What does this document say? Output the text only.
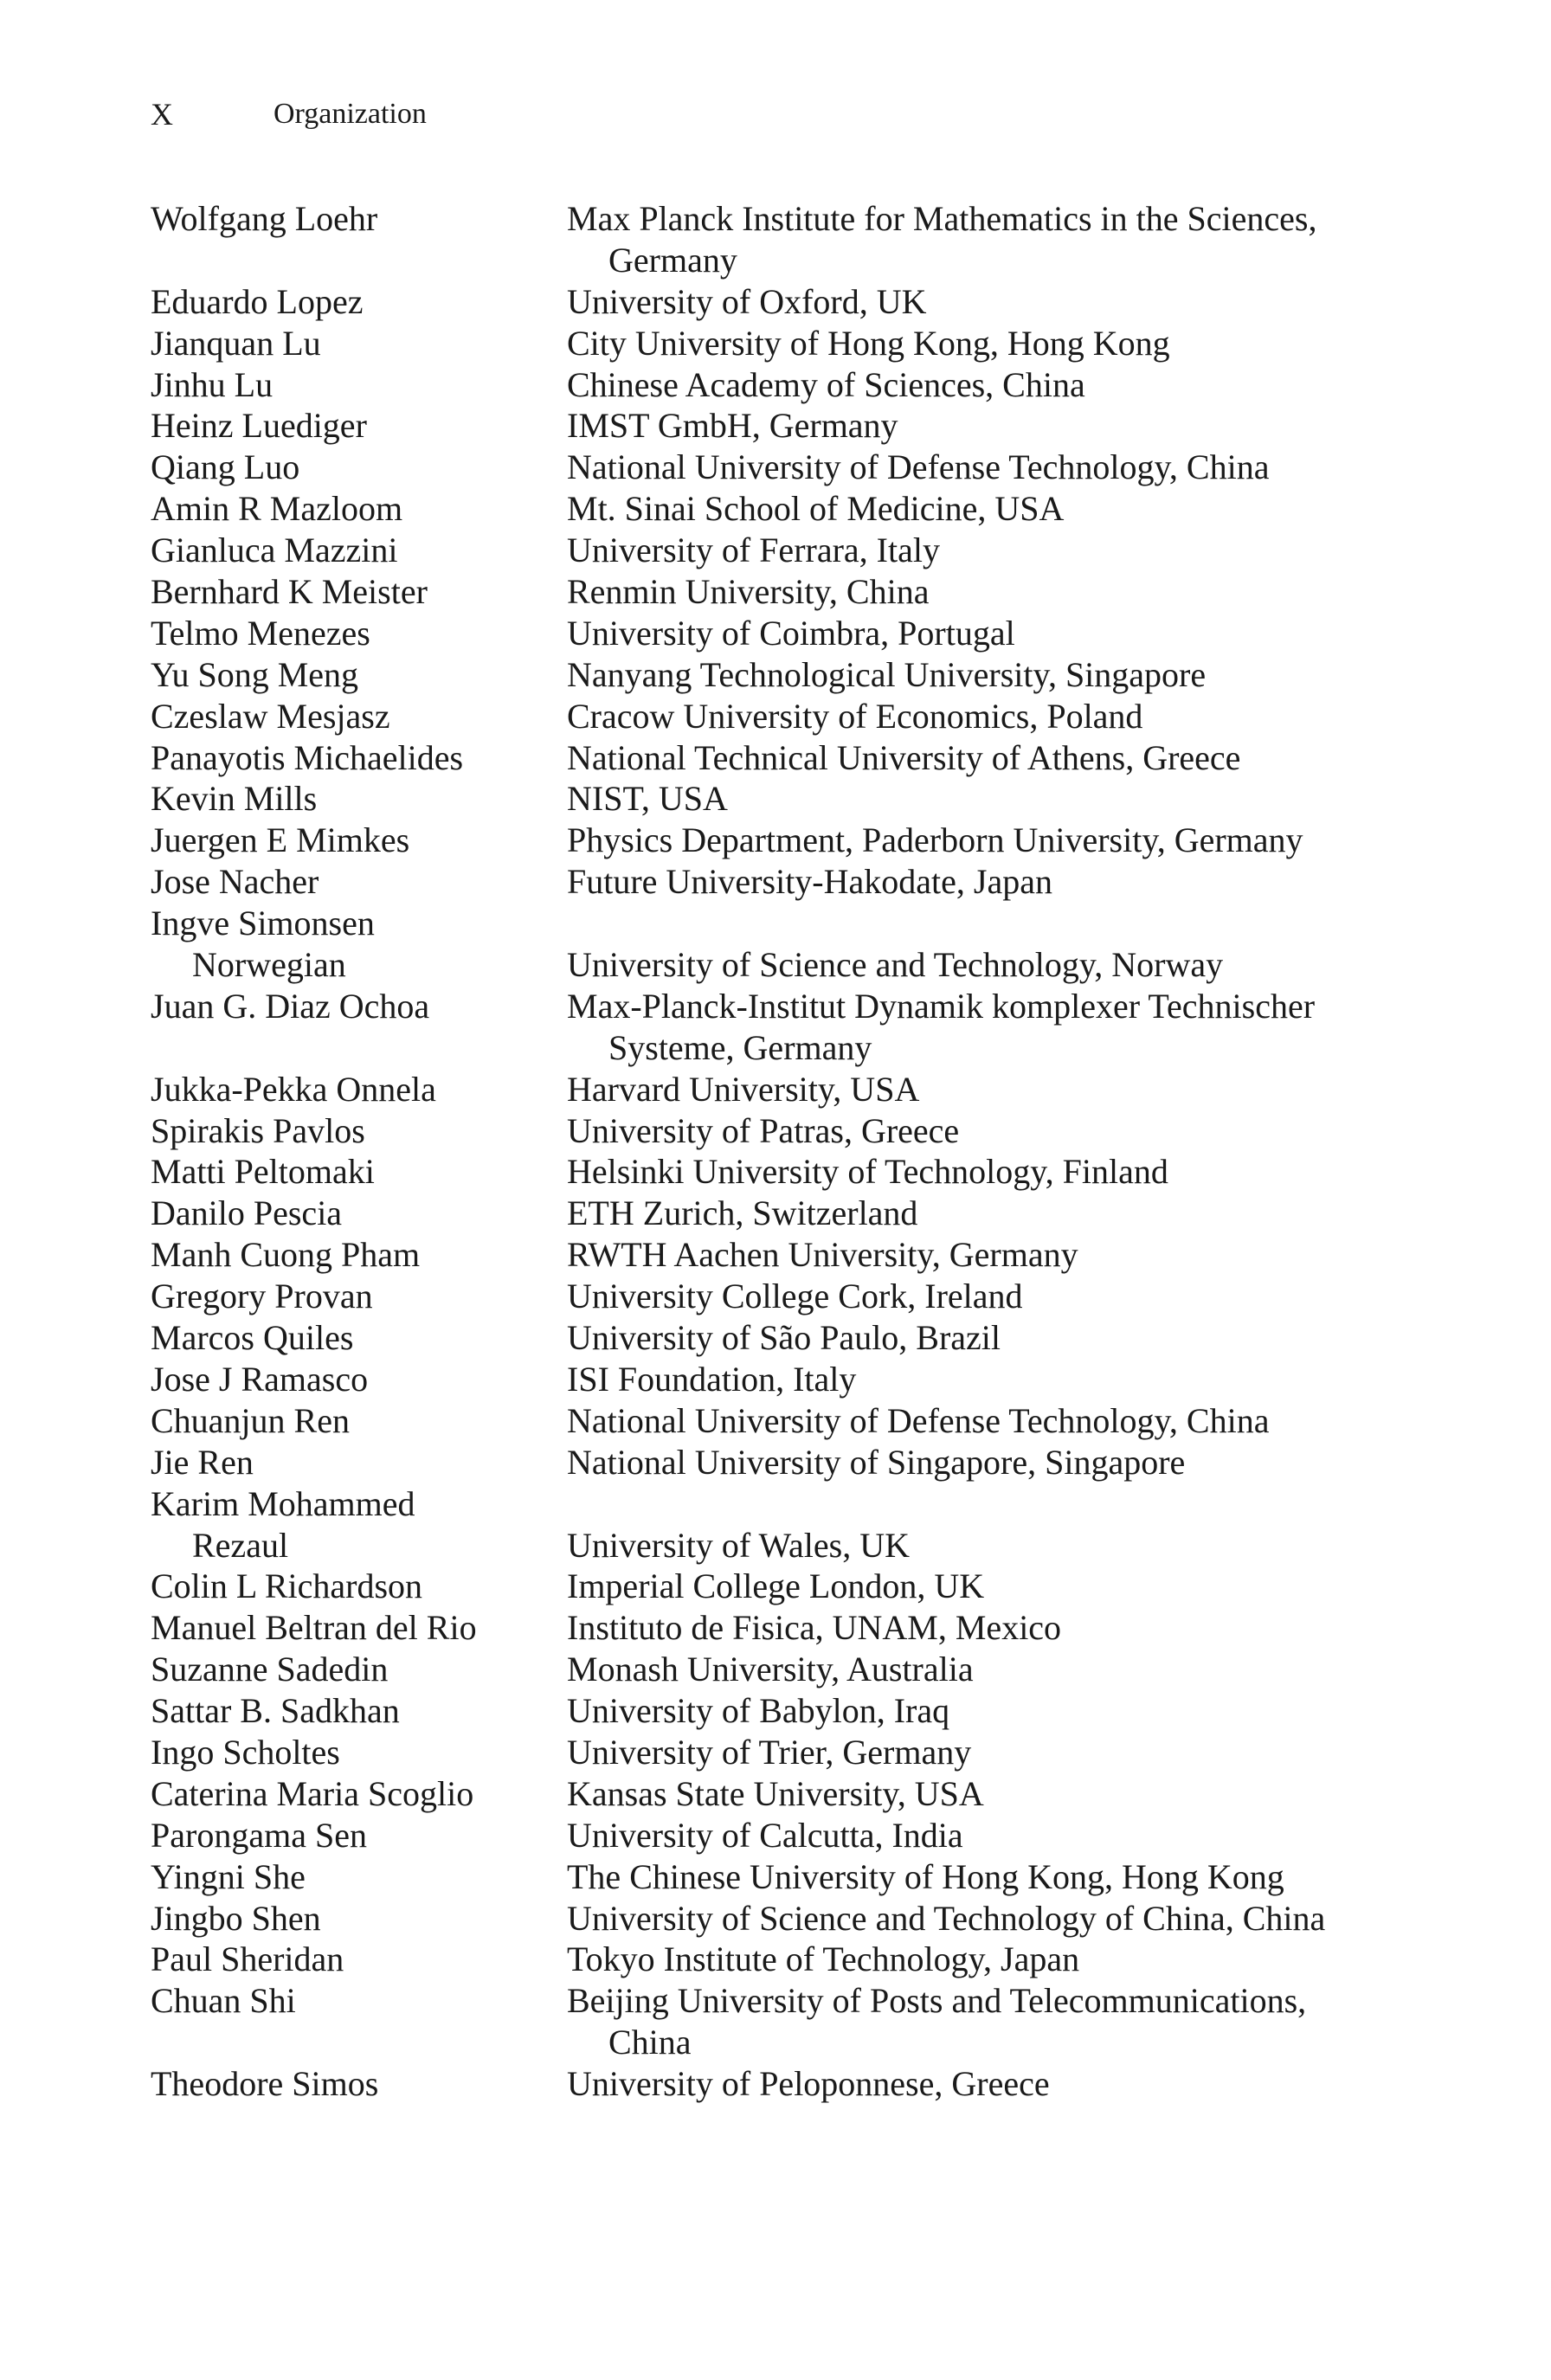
X	Organization
Wolfgang Loehr	Max Planck Institute for Mathematics in the Sciences,
Germany
Eduardo Lopez	University of Oxford, UK
Jianquan Lu	City University of Hong Kong, Hong Kong
Jinhu Lu	Chinese Academy of Sciences, China
Heinz Luediger	IMST GmbH, Germany
Qiang Luo	National University of Defense Technology, China
Amin R Mazloom	Mt. Sinai School of Medicine, USA
Gianluca Mazzini	University of Ferrara, Italy
Bernhard K Meister	Renmin University, China
Telmo Menezes	University of Coimbra, Portugal
Yu Song Meng	Nanyang Technological University, Singapore
Czeslaw Mesjasz	Cracow University of Economics, Poland
Panayotis Michaelides	National Technical University of Athens, Greece
Kevin Mills	NIST, USA
Juergen E Mimkes	Physics Department, Paderborn University, Germany
Jose Nacher	Future University-Hakodate, Japan
Ingve Simonsen
Norwegian	University of Science and Technology, Norway
Juan G. Diaz Ochoa	Max-Planck-Institut Dynamik komplexer Technischer
Systeme, Germany
Jukka-Pekka Onnela	Harvard University, USA
Spirakis Pavlos	University of Patras, Greece
Matti Peltomaki	Helsinki University of Technology, Finland
Danilo Pescia	ETH Zurich, Switzerland
Manh Cuong Pham	RWTH Aachen University, Germany
Gregory Provan	University College Cork, Ireland
Marcos Quiles	University of São Paulo, Brazil
Jose J Ramasco	ISI Foundation, Italy
Chuanjun Ren	National University of Defense Technology, China
Jie Ren	National University of Singapore, Singapore
Karim Mohammed
Rezaul	University of Wales, UK
Colin L Richardson	Imperial College London, UK
Manuel Beltran del Rio	Instituto de Fisica, UNAM, Mexico
Suzanne Sadedin	Monash University, Australia
Sattar B. Sadkhan	University of Babylon, Iraq
Ingo Scholtes	University of Trier, Germany
Caterina Maria Scoglio	Kansas State University, USA
Parongama Sen	University of Calcutta, India
Yingni She	The Chinese University of Hong Kong, Hong Kong
Jingbo Shen	University of Science and Technology of China, China
Paul Sheridan	Tokyo Institute of Technology, Japan
Chuan Shi	Beijing University of Posts and Telecommunications,
China
Theodore Simos	University of Peloponnese, Greece
